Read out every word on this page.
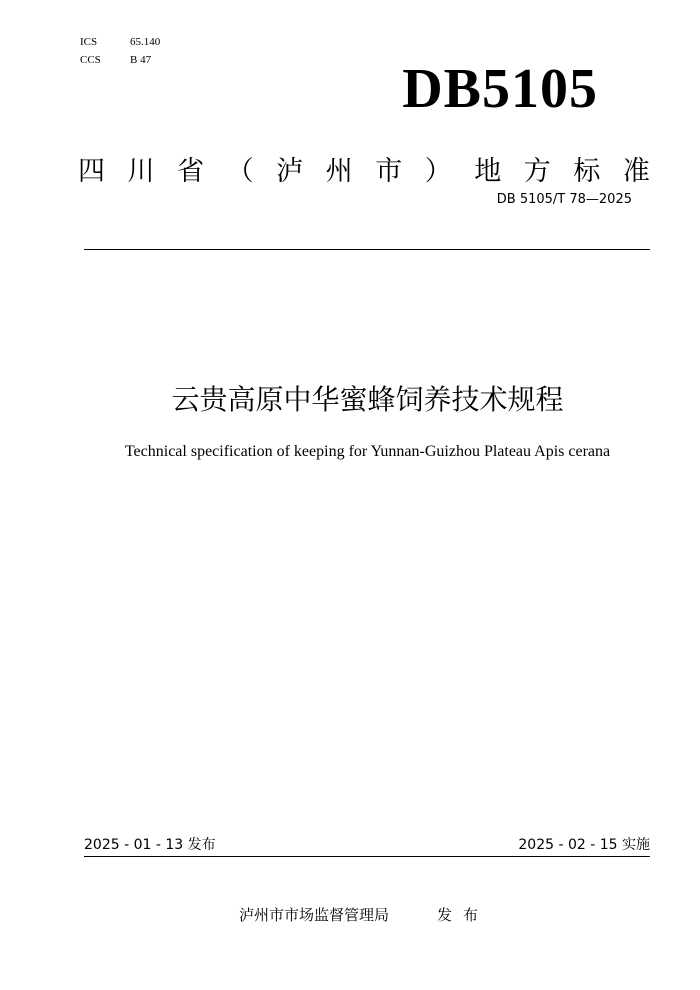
ICS	65.140
CCS	B 47	DB5105
四 川 省 （ 泸 州 市 ） 地 方 标 准
DB 5105/T 78—2025
云贵高原中华蜜蜂饲养技术规程
Technical specification of keeping for Yunnan-Guizhou Plateau Apis cerana
2025 - 01 - 13 发布	2025 - 02 - 15 实施
泸州市市场监督管理局	发布
